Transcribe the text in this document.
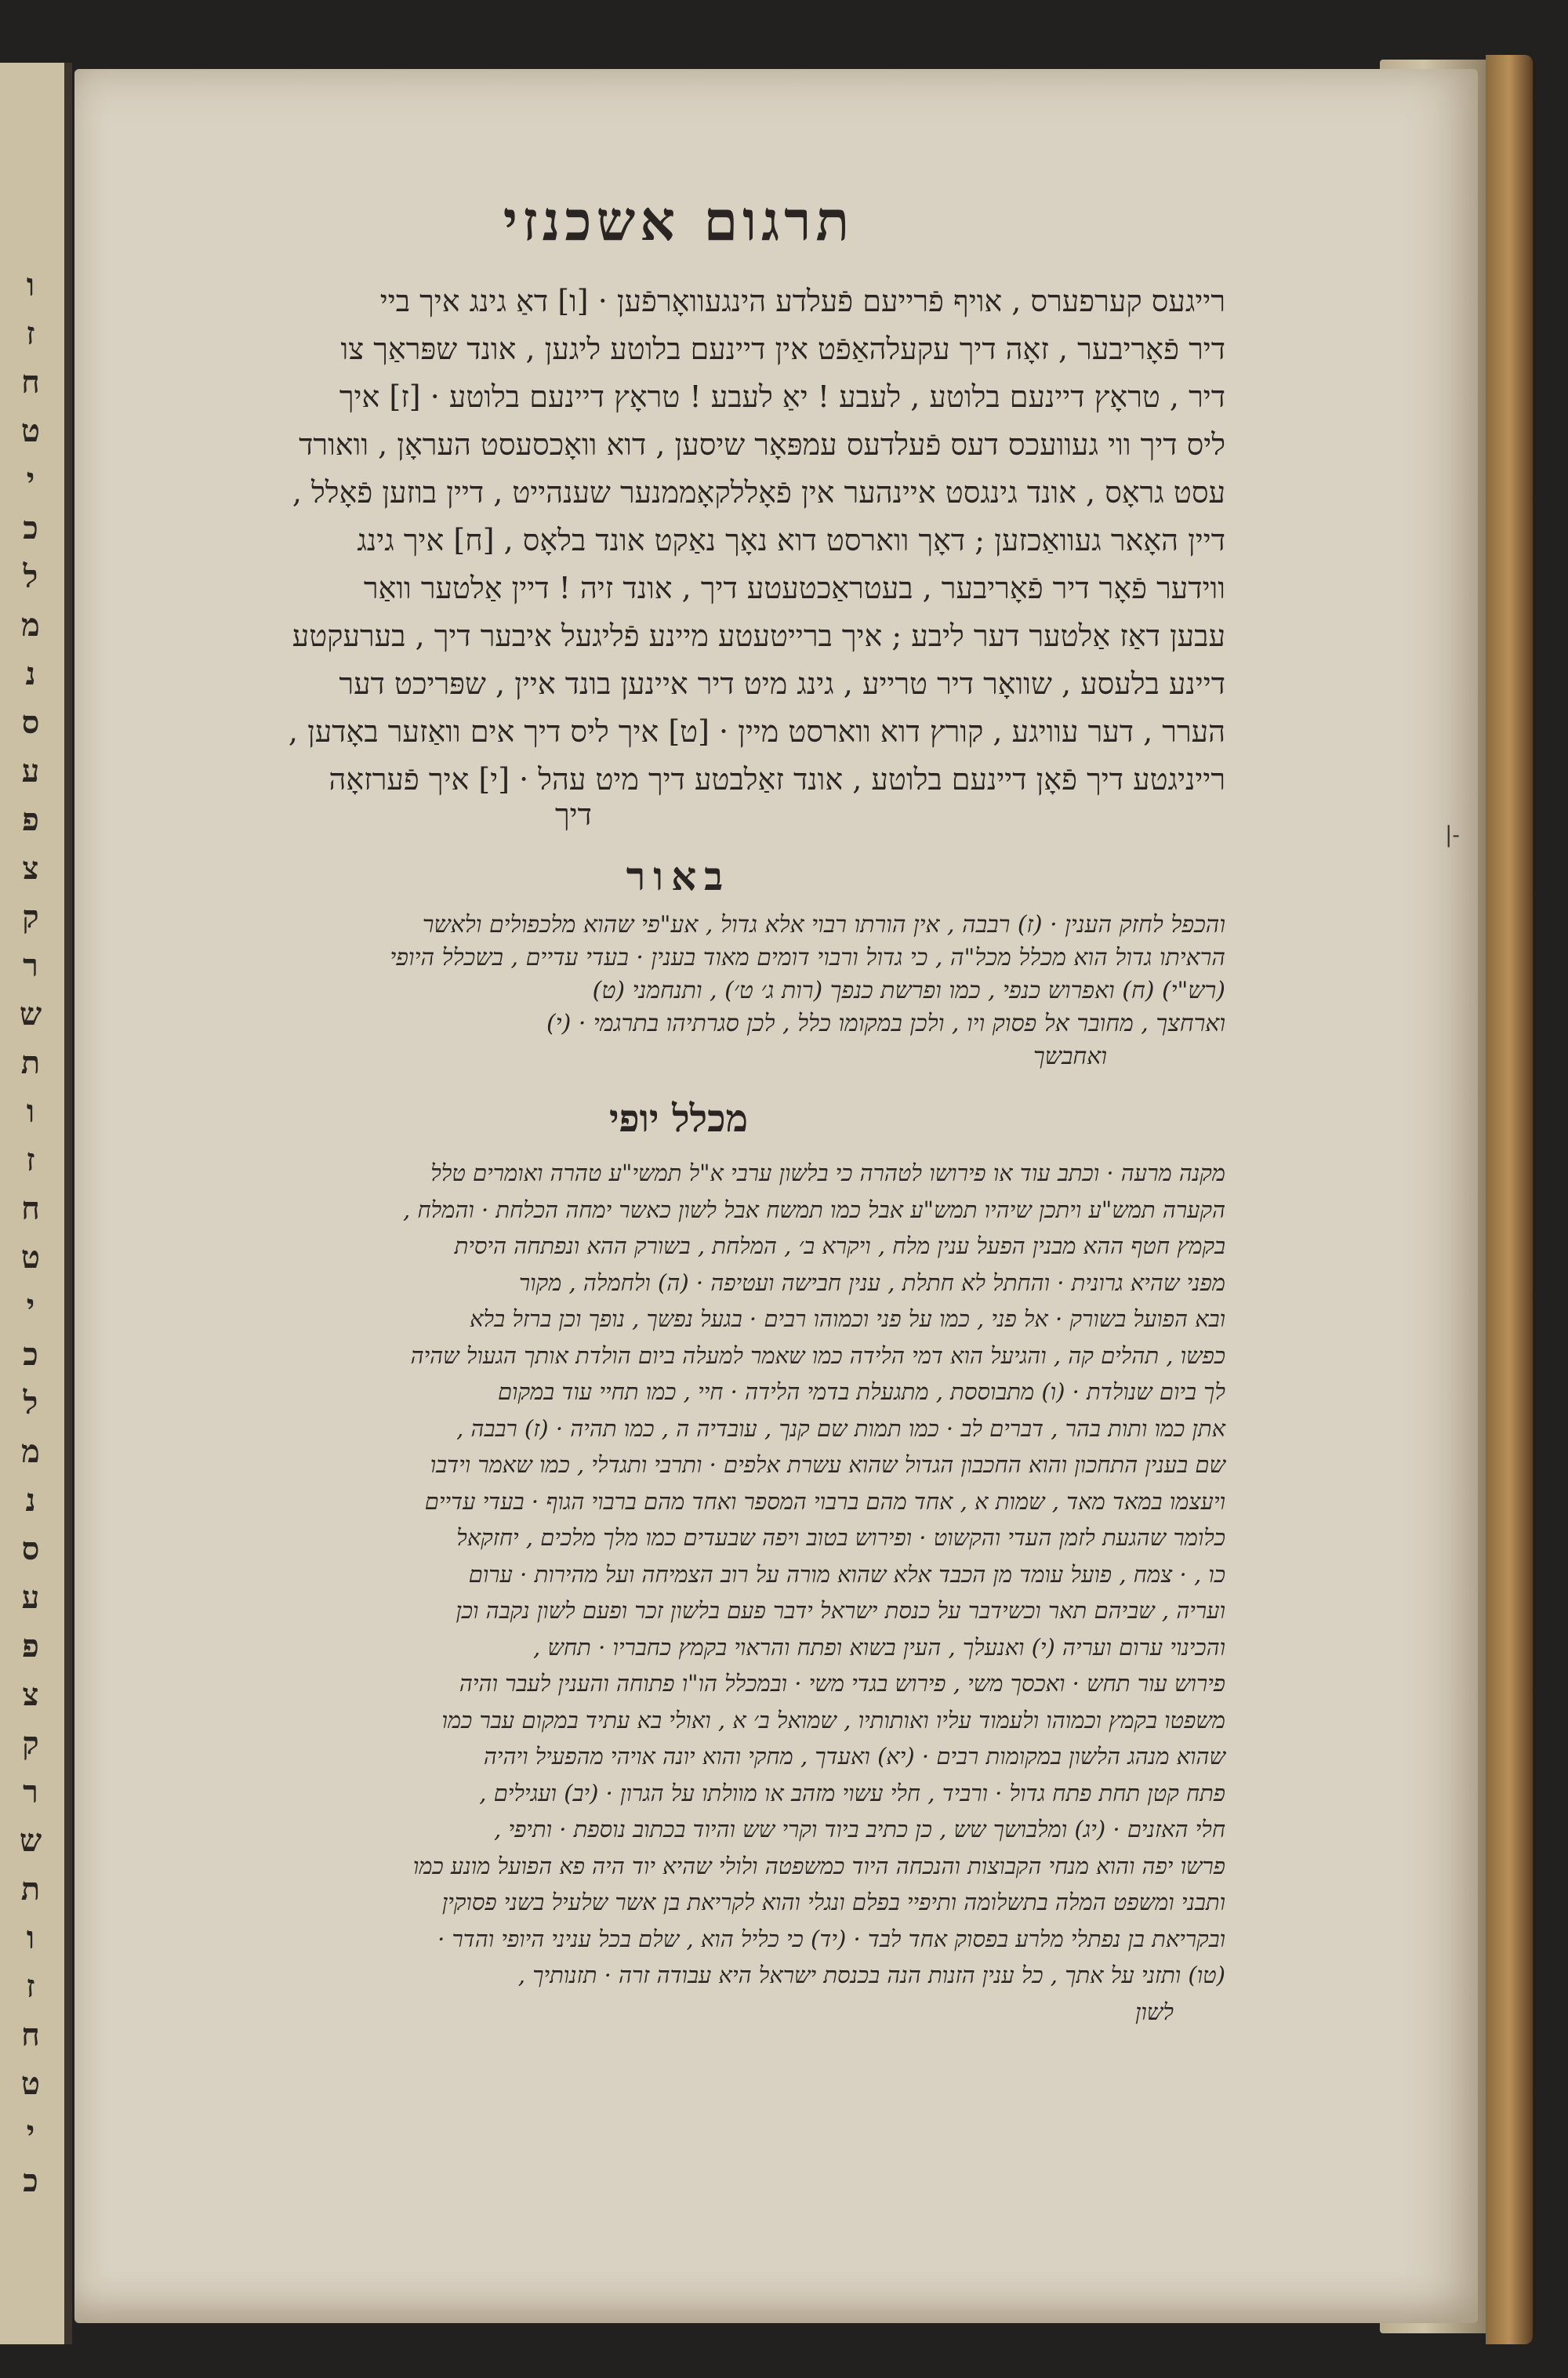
ו
ז
ח
ט
י
כ
ל
מ
נ
ס
ע
פ
צ
ק
ר
ש
ת
ו
ז
ח
ט
י
כ
ל
מ
נ
ס
ע
פ
צ
ק
ר
ש
ת
ו
ז
ח
ט
י
כ
|-
תרגום אשכנזי

רייגעס קערפערס , אויף פֿרייעם פֿעלדע הינגעוואָרפֿען · [ו] דאַ גינג איך ביי

דיר פֿאָריבער , זאָה דיך עקעלהאַפֿט אין דיינעם בלוטע ליגען , אונד שפּראַך צו

דיר , טראָץ דיינעם בלוטע , לעבע ! יאַ לעבע ! טראָץ דיינעם בלוטע · [ז] איך

ליס דיך ווי געוועכס דעס פֿעלדעס עמפּאָר שיסען , דוא וואָכסעסט העראָן , וואורד

עסט גראָס , אונד גינגסט איינהער אין פֿאָללקאָממנער שענהייט , דיין בוזען פֿאָלל ,

דיין האָאר געוואַכזען ; דאָך ווארסט דוא נאָך נאַקט אונד בלאָס , [ח] איך גינג

ווידער פֿאָר דיר פֿאָריבער , בעטראַכטעטע דיך , אונד זיה ! דיין אַלטער וואַר

עבען דאַז אַלטער דער ליבע ; איך ברייטעטע מיינע פֿליגעל איבער דיך , בערעקטע

דיינע בלעסע , שוואָר דיר טרייע , גינג מיט דיר איינען בונד איין , שפּריכט דער

הערר , דער עוויגע , קורץ דוא ווארסט מיין · [ט] איך ליס דיך אים וואַזער באָדען ,

רייניגטע דיך פֿאָן דיינעם בלוטע , אונד זאַלבטע דיך מיט עהל · [י] איך פֿערזאָה

דיך

באור

והכפל לחזק הענין · (ז) רבבה , אין הורתו רבוי אלא גדול , אע"פי שהוא מלכפולים ולאשר

הראיתו גדול הוא מכלל מכל"ה , כי גדול ורבוי דומים מאוד בענין · בעדי עדיים , בשכלל היופי

(רש"י) (ח) ואפרוש כנפי , כמו ופרשת כנפך (רות ג׳ ט׳) , ותנחמני (ט)

וארחצך , מחובר אל פסוק ויו , ולכן במקומו כלל , לכן סגרתיהו בתרגמי · (י)

ואחבשך

מכלל יופי

מקנה מרעה · וכתב עוד או פירושו לטהרה כי בלשון ערבי א"ל תמשי"ע טהרה ואומרים טלל

הקערה תמש"ע ויתכן שיהיו תמש"ע אבל כמו תמשח אבל לשון כאשר ימחה הכלחת · והמלח ,

בקמץ חטף ההא מבנין הפעל ענין מלח , ויקרא ב׳ , המלחת , בשורק ההא ונפתחה היסית

מפני שהיא גרונית · והחתל לא חתלת , ענין חבישה ועטיפה · (ה) ולחמלה , מקור

ובא הפועל בשורק · אל פני , כמו על פני וכמוהו רבים · בגעל נפשך , נופך וכן ברזל בלא

כפשו , תהלים קה , והגיעל הוא דמי הלידה כמו שאמר למעלה ביום הולדת אותך הגעול שהיה

לך ביום שנולדת · (ו) מתבוססת , מתגעלת בדמי הלידה · חיי , כמו תחיי עוד במקום

אתן כמו ותות בהר , דברים לב · כמו תמות שם קנך , עובדיה ה , כמו תהיה · (ז) רבבה ,

שם בענין התחכון והוא החכבון הגדול שהוא עשרת אלפים · ותרבי ותגדלי , כמו שאמר וידבו

ויעצמו במאד מאד , שמות א , אחד מהם ברבוי המספר ואחד מהם ברבוי הגוף · בעדי עדיים

כלומר שהגעת לזמן העדי והקשוט · ופירוש בטוב ויפה שבעדים כמו מלך מלכים , יחזקאל

כו , · צמח , פועל עומד מן הכבד אלא שהוא מורה על רוב הצמיחה ועל מהירות · ערום

ועריה , שביהם תאר וכשידבר על כנסת ישראל ידבר פעם בלשון זכר ופעם לשון נקבה וכן

והכינוי ערום ועריה (י) ואנעלך , העין בשוא ופתח והראוי בקמץ כחבריו · תחש ,

פירוש עור תחש · ואכסך משי , פירוש בגדי משי · ובמכלל הו"ו פתוחה והענין לעבר והיה

משפטו בקמץ וכמוהו ולעמוד עליו ואותותיו , שמואל ב׳ א , ואולי בא עתיד במקום עבר כמו

שהוא מנהג הלשון במקומות רבים · (יא) ואעדך , מחקי והוא יונה אויהי מהפעיל ויהיה

פתח קטן תחת פתח גדול · ורביד , חלי עשוי מזהב או מוולתו על הגרון · (יב) ועגילים ,

חלי האזנים · (יג) ומלבושך שש , כן כתיב ביוד וקרי שש והיוד בכתוב נוספת · ותיפי ,

פרשו יפה והוא מנחי הקבוצות והנכחה היוד כמשפטה ולולי שהיא יוד היה פא הפועל מונע כמו

ותבני ומשפט המלה בתשלומה ותיפיי בפלם ונגלי והוא לקריאת בן אשר שלעיל בשני פסוקין

ובקריאת בן נפתלי מלרע בפסוק אחד לבד · (יד) כי כליל הוא , שלם בכל עניני היופי והדר ·

(טו) ותזני על אתך , כל ענין הזנות הנה בכנסת ישראל היא עבודה זרה · תזנותיך ,

לשון
